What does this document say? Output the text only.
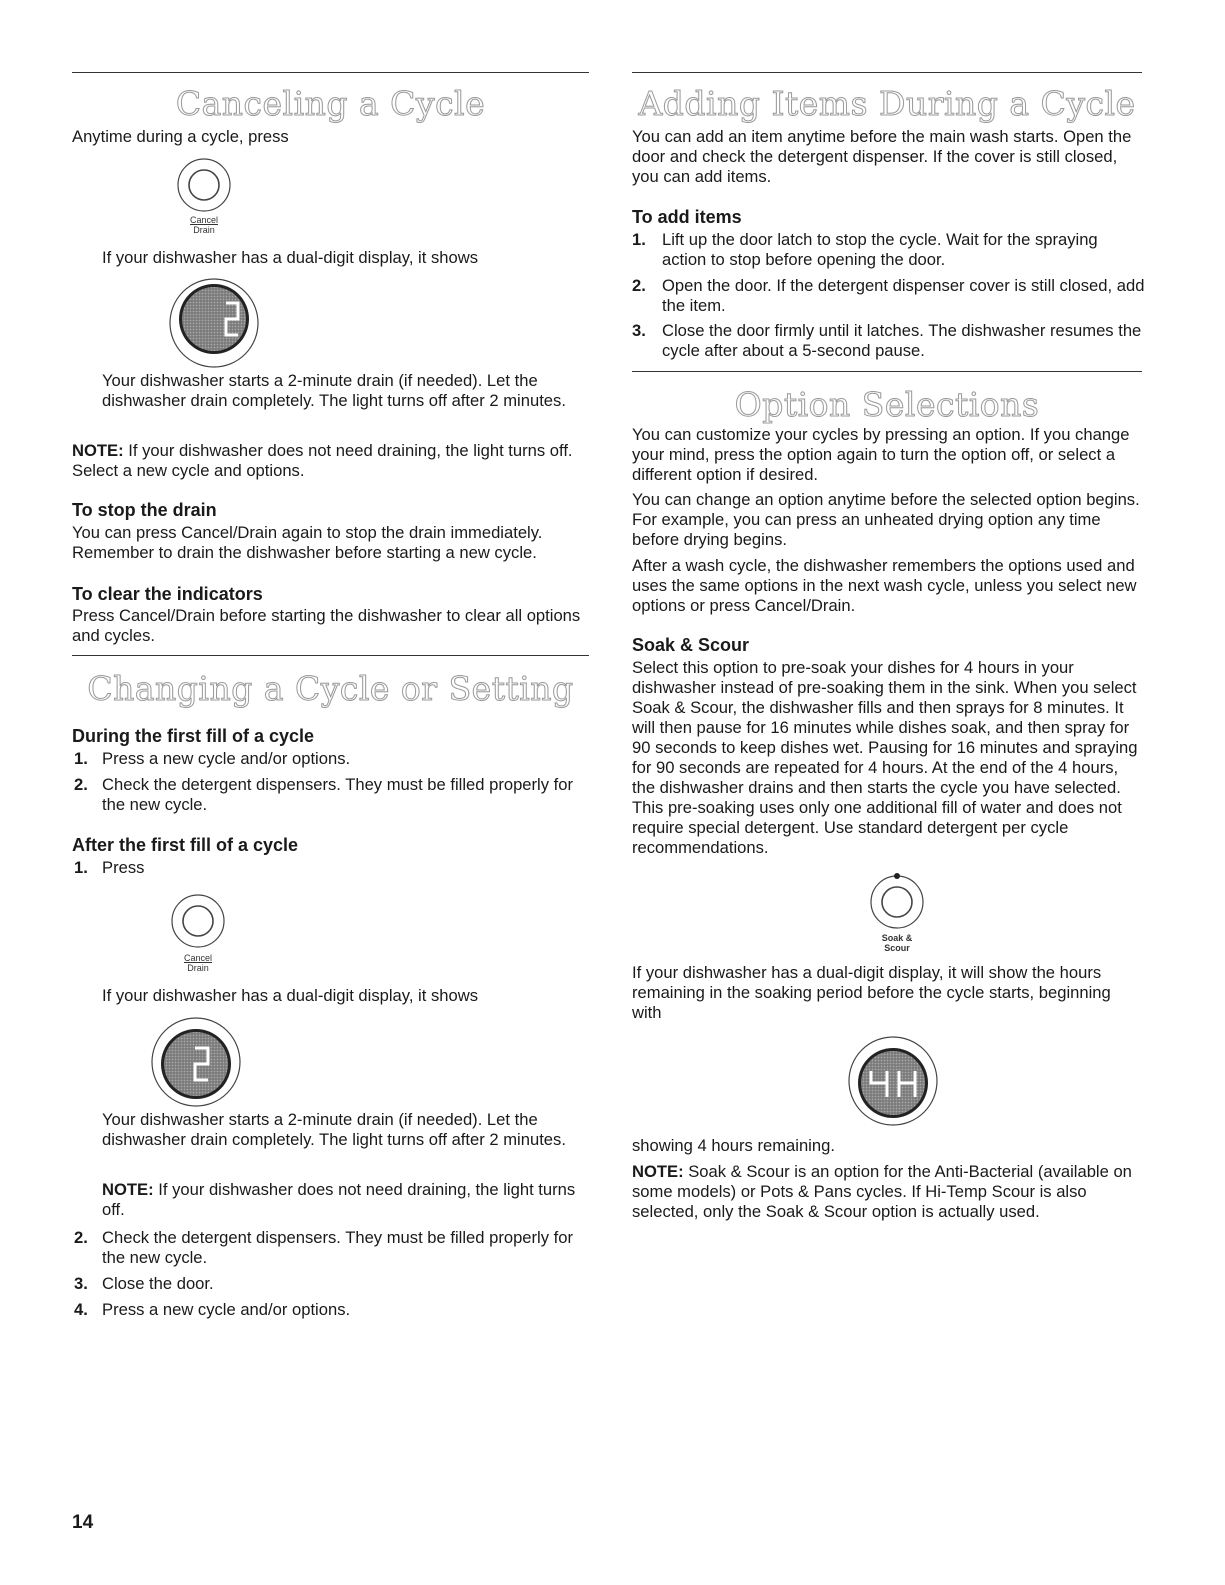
Canceling a Cycle

Anytime during a cycle, press

Cancel
Drain

If your dishwasher has a dual-digit display, it shows

Your dishwasher starts a 2-minute drain (if needed). Let the dishwasher drain completely. The light turns off after 2 minutes.

NOTE: If your dishwasher does not need draining, the light turns off. Select a new cycle and options.

To stop the drain

You can press Cancel/Drain again to stop the drain immediately. Remember to drain the dishwasher before starting a new cycle.

To clear the indicators

Press Cancel/Drain before starting the dishwasher to clear all options and cycles.

Changing a Cycle or Setting
During the first fill of a cycle
1. Press a new cycle and/or options.

2. Check the detergent dispensers. They must be filled properly for the new cycle.

After the first fill of a cycle
1. Press

Cancel
Drain

If your dishwasher has a dual-digit display, it shows

Your dishwasher starts a 2-minute drain (if needed). Let the dishwasher drain completely. The light turns off after 2 minutes.

NOTE: If your dishwasher does not need draining, the light turns off.

2. Check the detergent dispensers. They must be filled properly for the new cycle.

3. Close the door.

4. Press a new cycle and/or options.

Adding Items During a Cycle

You can add an item anytime before the main wash starts. Open the door and check the detergent dispenser. If the cover is still closed, you can add items.

To add items
1. Lift up the door latch to stop the cycle. Wait for the spraying action to stop before opening the door.

2. Open the door. If the detergent dispenser cover is still closed, add the item.

3. Close the door firmly until it latches. The dishwasher resumes the cycle after about a 5-second pause.

Option Selections

You can customize your cycles by pressing an option. If you change your mind, press the option again to turn the option off, or select a different option if desired.

You can change an option anytime before the selected option begins. For example, you can press an unheated drying option any time before drying begins.

After a wash cycle, the dishwasher remembers the options used and uses the same options in the next wash cycle, unless you select new options or press Cancel/Drain.

Soak & Scour

Select this option to pre-soak your dishes for 4 hours in your dishwasher instead of pre-soaking them in the sink. When you select Soak & Scour, the dishwasher fills and then sprays for 8 minutes. It will then pause for 16 minutes while dishes soak, and then spray for 90 seconds to keep dishes wet. Pausing for 16 minutes and spraying for 90 seconds are repeated for 4 hours. At the end of the 4 hours, the dishwasher drains and then starts the cycle you have selected. This pre-soaking uses only one additional fill of water and does not require special detergent. Use standard detergent per cycle recommendations.

Soak &
Scour

If your dishwasher has a dual-digit display, it will show the hours remaining in the soaking period before the cycle starts, beginning with

showing 4 hours remaining.

NOTE: Soak & Scour is an option for the Anti-Bacterial (available on some models) or Pots & Pans cycles. If Hi-Temp Scour is also selected, only the Soak & Scour option is actually used.

14
